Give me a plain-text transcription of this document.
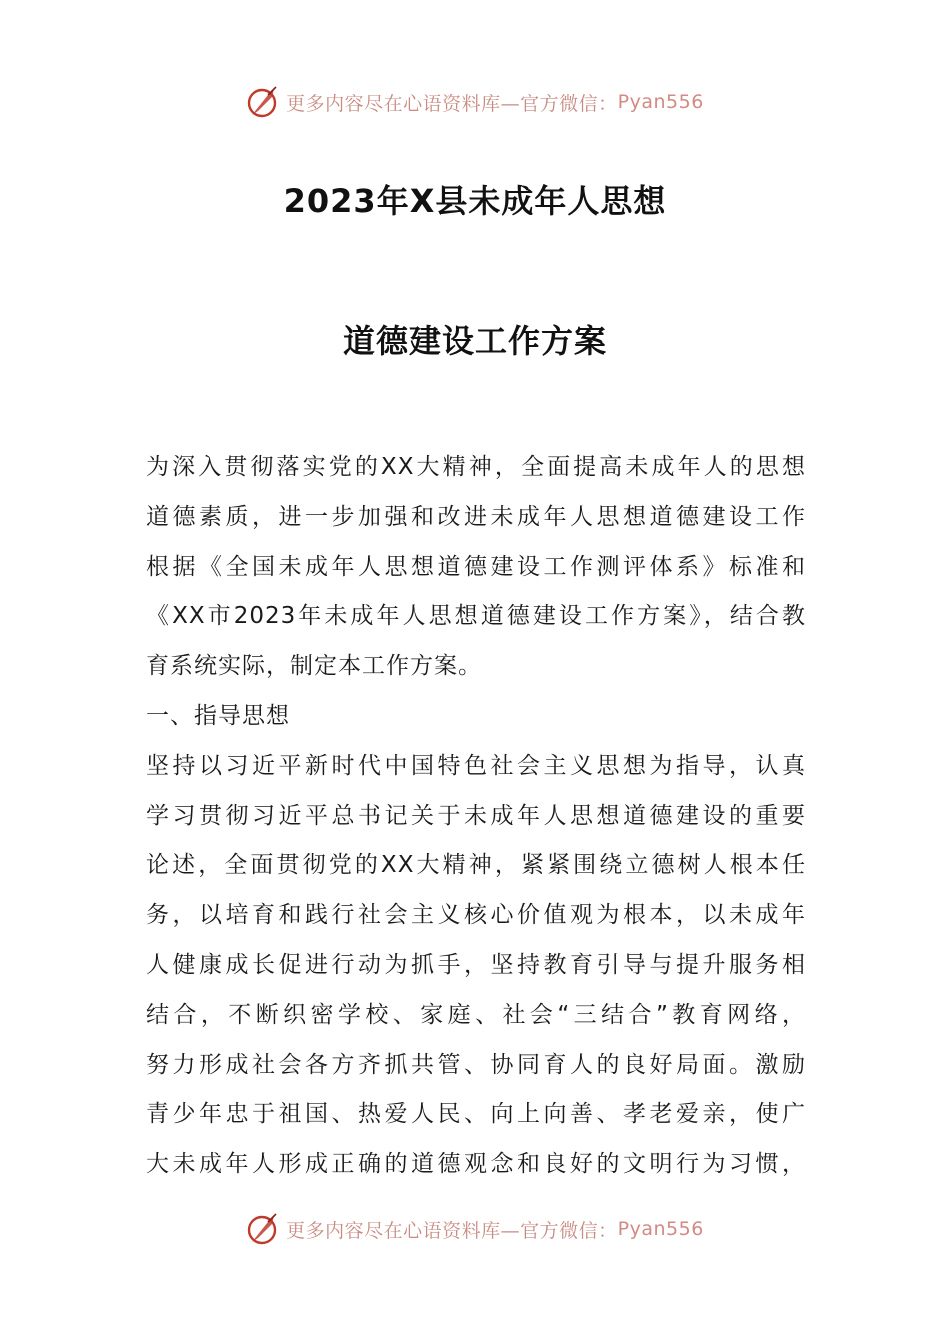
更多内容尽在心语资料库—官方微信： Pyan556
2023年X县未成年人思想
道德建设工作方案
为深入贯彻落实党的XX大精神，全面提高未成年人的思想
道德素质，进一步加强和改进未成年人思想道德建设工作
根据《全国未成年人思想道德建设工作测评体系》标准和
《XX市2023年未成年人思想道德建设工作方案》，结合教
育系统实际，制定本工作方案。
一、指导思想
坚持以习近平新时代中国特色社会主义思想为指导，认真
学习贯彻习近平总书记关于未成年人思想道德建设的重要
论述，全面贯彻党的XX大精神，紧紧围绕立德树人根本任
务，以培育和践行社会主义核心价值观为根本，以未成年
人健康成长促进行动为抓手，坚持教育引导与提升服务相
结合，不断织密学校、家庭、社会“三结合”教育网络，
努力形成社会各方齐抓共管、协同育人的良好局面。激励
青少年忠于祖国、热爱人民、向上向善、孝老爱亲，使广
大未成年人形成正确的道德观念和良好的文明行为习惯，
更多内容尽在心语资料库—官方微信： Pyan556
